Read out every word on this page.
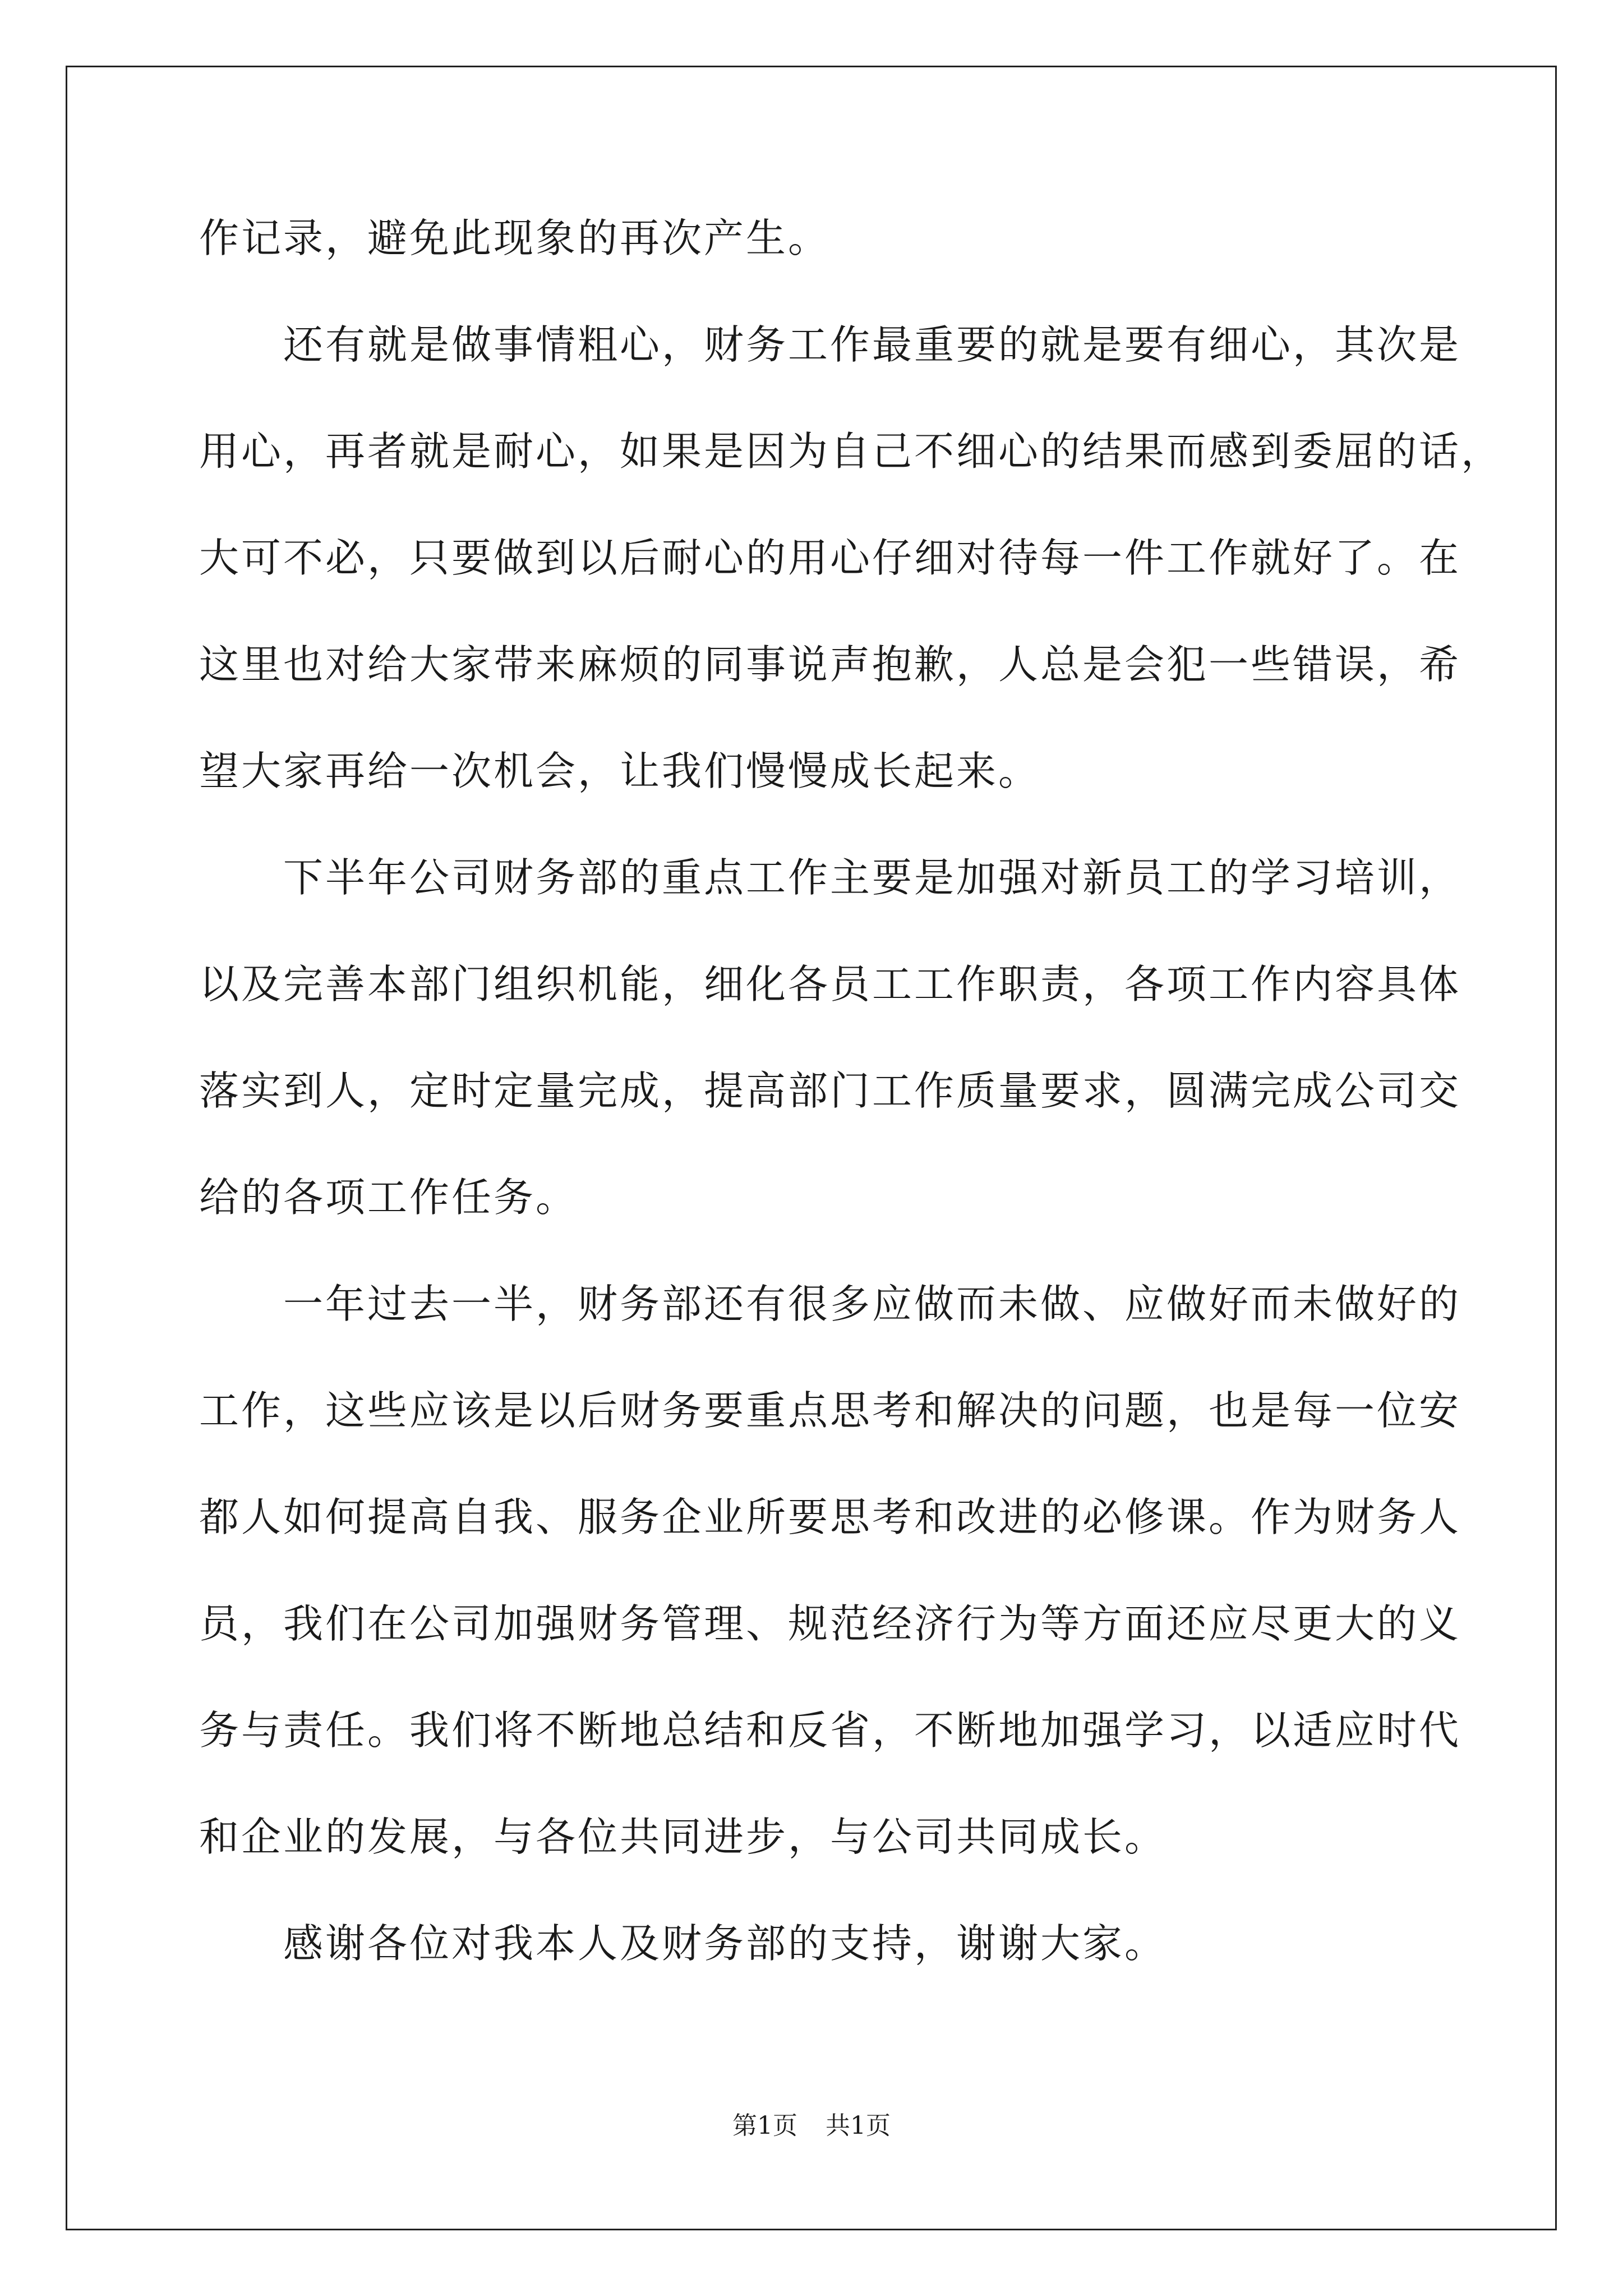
作记录，避免此现象的再次产生。
还有就是做事情粗心，财务工作最重要的就是要有细心，其次是
用心，再者就是耐心，如果是因为自己不细心的结果而感到委屈的话，
大可不必，只要做到以后耐心的用心仔细对待每一件工作就好了。在
这里也对给大家带来麻烦的同事说声抱歉，人总是会犯一些错误，希
望大家再给一次机会，让我们慢慢成长起来。
下半年公司财务部的重点工作主要是加强对新员工的学习培训，
以及完善本部门组织机能，细化各员工工作职责，各项工作内容具体
落实到人，定时定量完成，提高部门工作质量要求，圆满完成公司交
给的各项工作任务。
一年过去一半，财务部还有很多应做而未做、应做好而未做好的
工作，这些应该是以后财务要重点思考和解决的问题，也是每一位安
都人如何提高自我、服务企业所要思考和改进的必修课。作为财务人
员，我们在公司加强财务管理、规范经济行为等方面还应尽更大的义
务与责任。我们将不断地总结和反省，不断地加强学习，以适应时代
和企业的发展，与各位共同进步，与公司共同成长。
感谢各位对我本人及财务部的支持，谢谢大家。
第1页 共1页
